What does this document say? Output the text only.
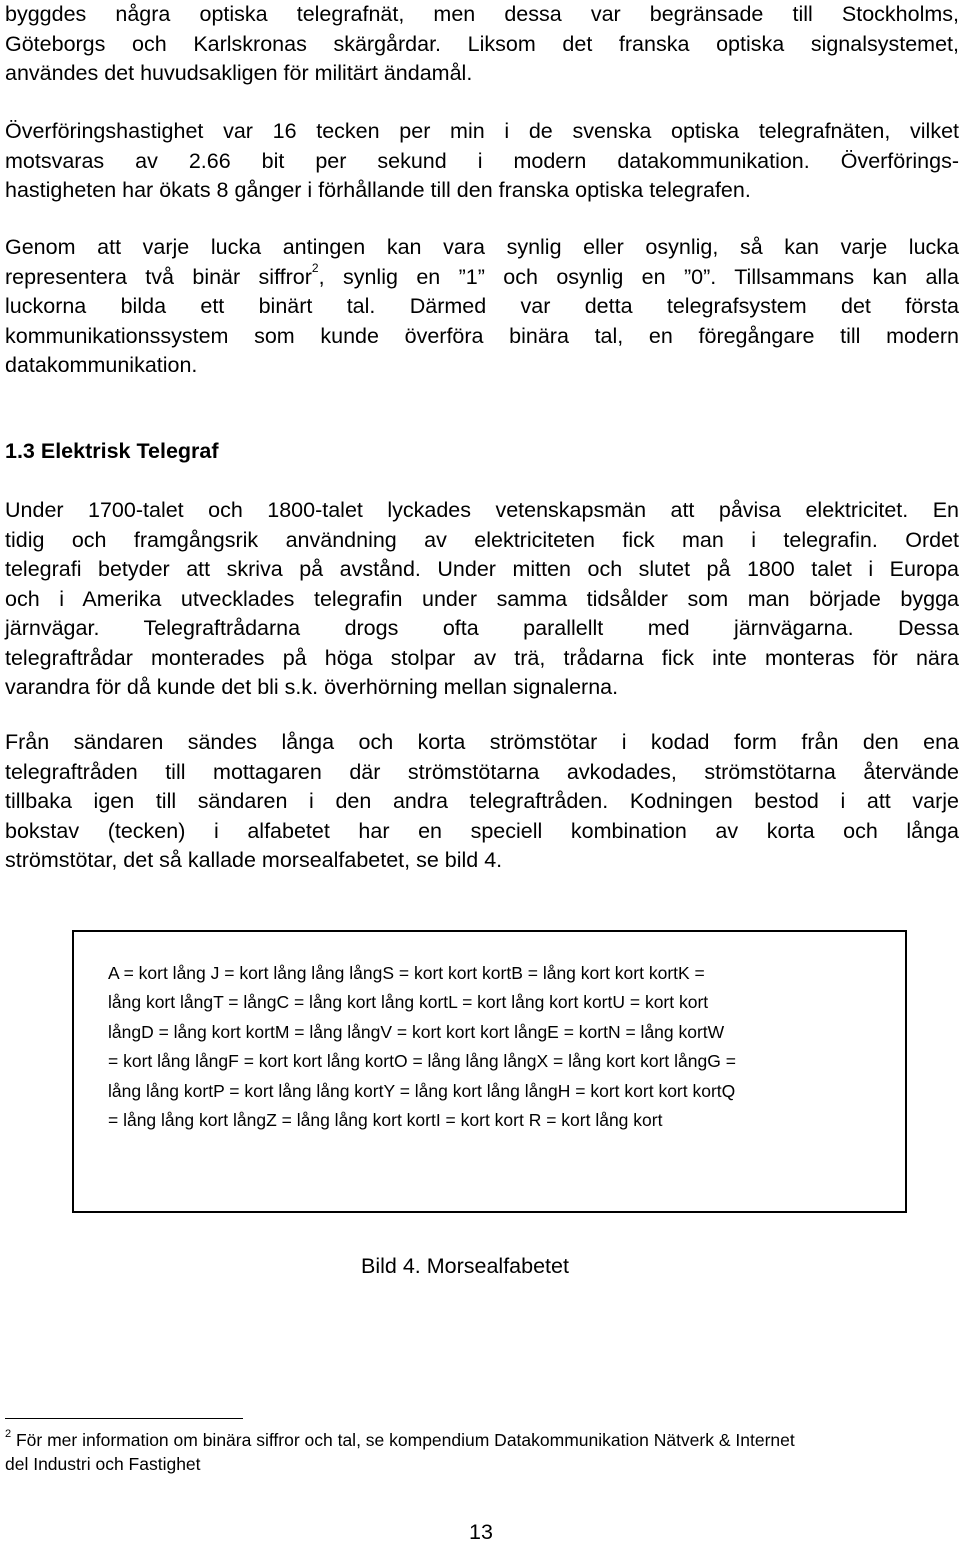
byggdes några optiska telegrafnät, men dessa var begränsade till Stockholms,
Göteborgs och Karlskronas skärgårdar. Liksom det franska optiska signalsystemet,
användes det huvudsakligen för militärt ändamål.
Överföringshastighet var 16 tecken per min i de svenska optiska telegrafnäten, vilket
motsvaras av 2.66 bit per sekund i modern datakommunikation. Överförings-
hastigheten har ökats 8 gånger i förhållande till den franska optiska telegrafen.
Genom att varje lucka antingen kan vara synlig eller osynlig, så kan varje lucka
representera två binär siffror$^2$, synlig en ”1” och osynlig en ”0”. Tillsammans kan alla
luckorna bilda ett binärt tal. Därmed var detta telegrafsystem det första
kommunikationssystem som kunde överföra binära tal, en föregångare till modern
datakommunikation.
1.3 Elektrisk Telegraf
Under 1700-talet och 1800-talet lyckades vetenskapsmän att påvisa elektricitet. En
tidig och framgångsrik användning av elektriciteten fick man i telegrafin. Ordet
telegrafi betyder att skriva på avstånd. Under mitten och slutet på 1800 talet i Europa
och i Amerika utvecklades telegrafin under samma tidsålder som man började bygga
järnvägar. Telegraftrådarna drogs ofta parallellt med järnvägarna. Dessa
telegraftrådar monterades på höga stolpar av trä, trådarna fick inte monteras för nära
varandra för då kunde det bli s.k. överhörning mellan signalerna.
Från sändaren sändes långa och korta strömstötar i kodad form från den ena
telegraftråden till mottagaren där strömstötarna avkodades, strömstötarna återvände
tillbaka igen till sändaren i den andra telegraftråden. Kodningen bestod i att varje
bokstav (tecken) i alfabetet har en speciell kombination av korta och långa
strömstötar, det så kallade morsealfabetet, se bild 4.
A = kort lång J = kort lång lång långS = kort kort kortB = lång kort kort kortK =
lång kort långT = långC = lång kort lång kortL = kort lång kort kortU = kort kort
långD = lång kort kortM = lång långV = kort kort kort långE = kortN = lång kortW
= kort lång långF = kort kort lång kortO = lång lång långX = lång kort kort långG =
lång lång kortP = kort lång lång kortY = lång kort lång långH = kort kort kort kortQ
= lång lång kort långZ = lång lång kort kortI = kort kort R = kort lång kort

Bild 4. Morsealfabetet

$^2$ För mer information om binära siffror och tal, se kompendium Datakommunikation Nätverk & Internet
del Industri och Fastighet

13
